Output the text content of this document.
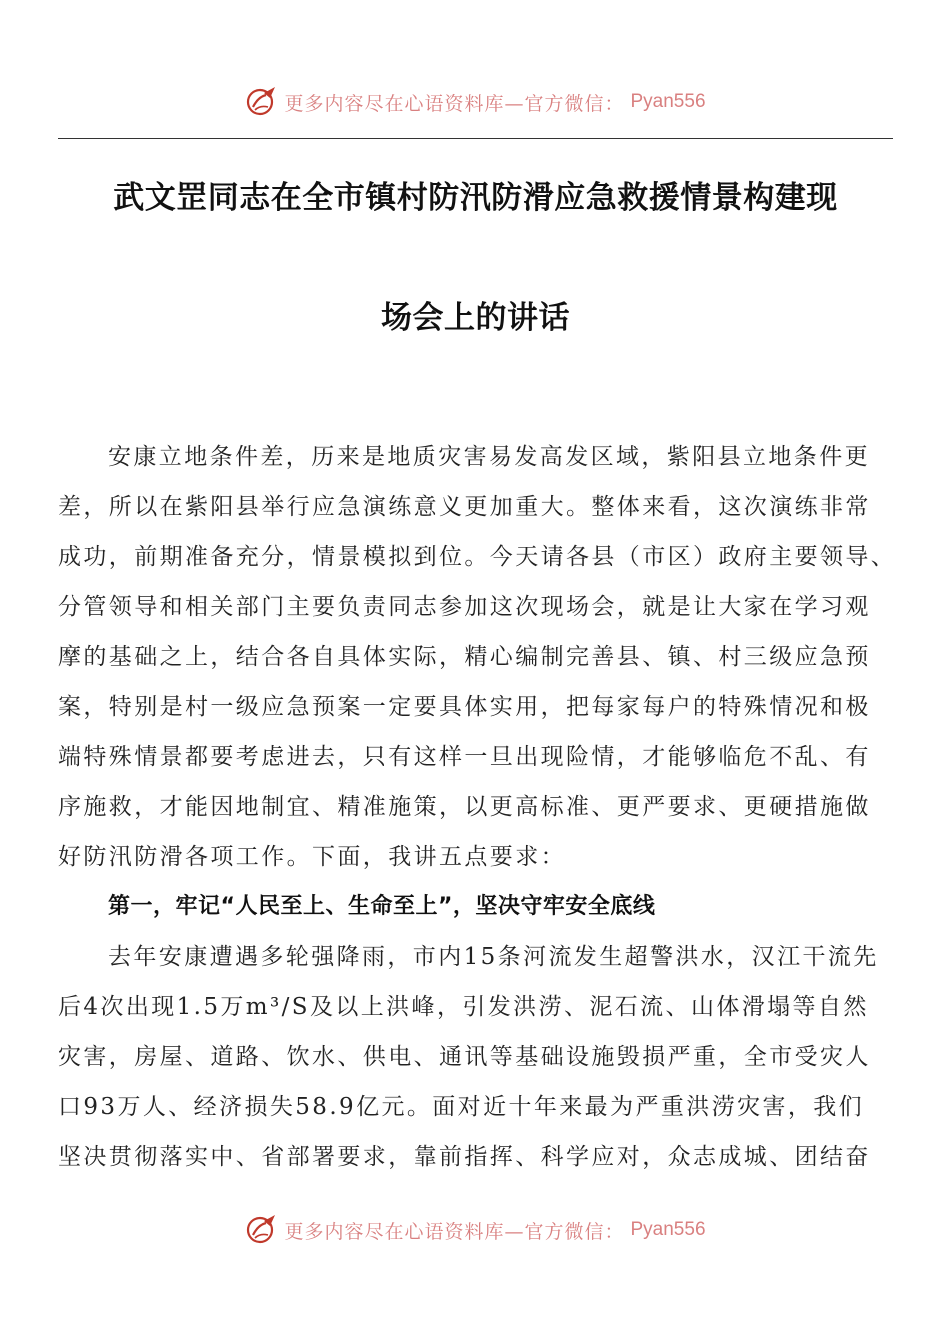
更多内容尽在心语资料库—官方微信： Pyan556
武文罡同志在全市镇村防汛防滑应急救援情景构建现
场会上的讲话
安康立地条件差，历来是地质灾害易发高发区域，紫阳县立地条件更
差，所以在紫阳县举行应急演练意义更加重大。整体来看，这次演练非常
成功，前期准备充分，情景模拟到位。今天请各县（市区）政府主要领导、
分管领导和相关部门主要负责同志参加这次现场会，就是让大家在学习观
摩的基础之上，结合各自具体实际，精心编制完善县、镇、村三级应急预
案，特别是村一级应急预案一定要具体实用，把每家每户的特殊情况和极
端特殊情景都要考虑进去，只有这样一旦出现险情，才能够临危不乱、有
序施救，才能因地制宜、精准施策，以更高标准、更严要求、更硬措施做
好防汛防滑各项工作。下面，我讲五点要求：
第一，牢记“人民至上、生命至上”，坚决守牢安全底线
去年安康遭遇多轮强降雨，市内15条河流发生超警洪水，汉江干流先
后4次出现1.5万m³/S及以上洪峰，引发洪涝、泥石流、山体滑塌等自然
灾害，房屋、道路、饮水、供电、通讯等基础设施毁损严重，全市受灾人
口93万人、经济损失58.9亿元。面对近十年来最为严重洪涝灾害，我们
坚决贯彻落实中、省部署要求，靠前指挥、科学应对，众志成城、团结奋
更多内容尽在心语资料库—官方微信： Pyan556
